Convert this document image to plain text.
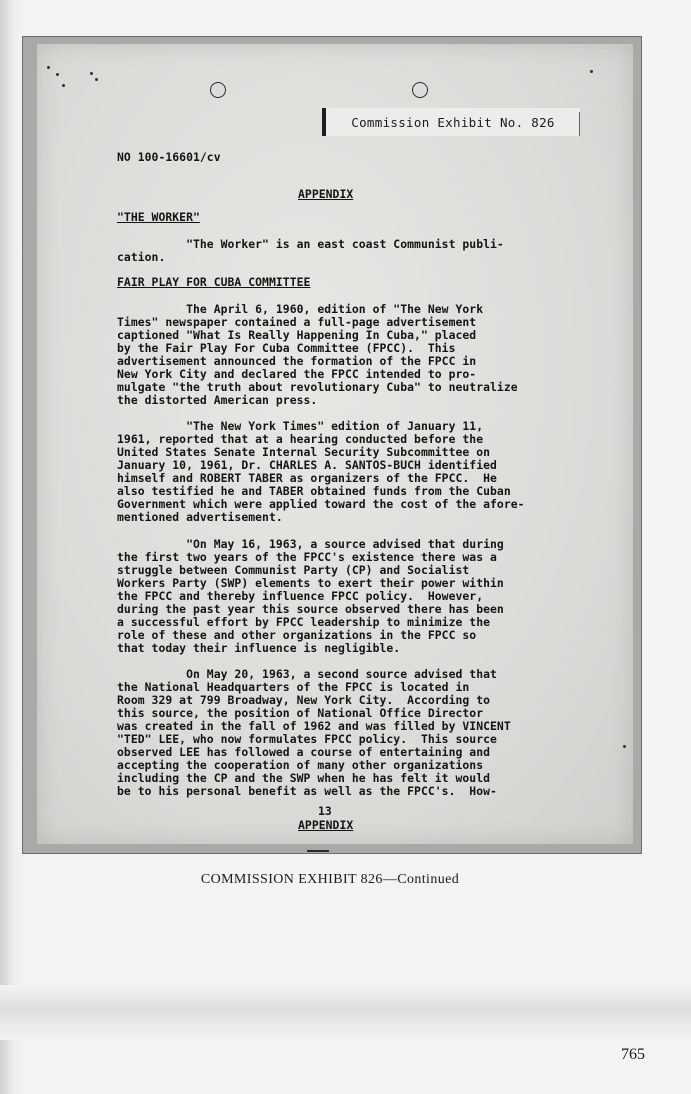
Commission Exhibit No. 826
NO 100-16601/cv
APPENDIX
"THE WORKER"
"The Worker" is an east coast Communist publi-
cation.
FAIR PLAY FOR CUBA COMMITTEE
The April 6, 1960, edition of "The New York
Times" newspaper contained a full-page advertisement
captioned "What Is Really Happening In Cuba," placed
by the Fair Play For Cuba Committee (FPCC).  This
advertisement announced the formation of the FPCC in
New York City and declared the FPCC intended to pro-
mulgate "the truth about revolutionary Cuba" to neutralize
the distorted American press.
"The New York Times" edition of January 11,
1961, reported that at a hearing conducted before the
United States Senate Internal Security Subcommittee on
January 10, 1961, Dr. CHARLES A. SANTOS-BUCH identified
himself and ROBERT TABER as organizers of the FPCC.  He
also testified he and TABER obtained funds from the Cuban
Government which were applied toward the cost of the afore-
mentioned advertisement.
"On May 16, 1963, a source advised that during
the first two years of the FPCC's existence there was a
struggle between Communist Party (CP) and Socialist
Workers Party (SWP) elements to exert their power within
the FPCC and thereby influence FPCC policy.  However,
during the past year this source observed there has been
a successful effort by FPCC leadership to minimize the
role of these and other organizations in the FPCC so
that today their influence is negligible.
On May 20, 1963, a second source advised that
the National Headquarters of the FPCC is located in
Room 329 at 799 Broadway, New York City.  According to
this source, the position of National Office Director
was created in the fall of 1962 and was filled by VINCENT
"TED" LEE, who now formulates FPCC policy.  This source
observed LEE has followed a course of entertaining and
accepting the cooperation of many other organizations
including the CP and the SWP when he has felt it would
be to his personal benefit as well as the FPCC's.  How-
13
APPENDIX
COMMISSION EXHIBIT 826—Continued
765
